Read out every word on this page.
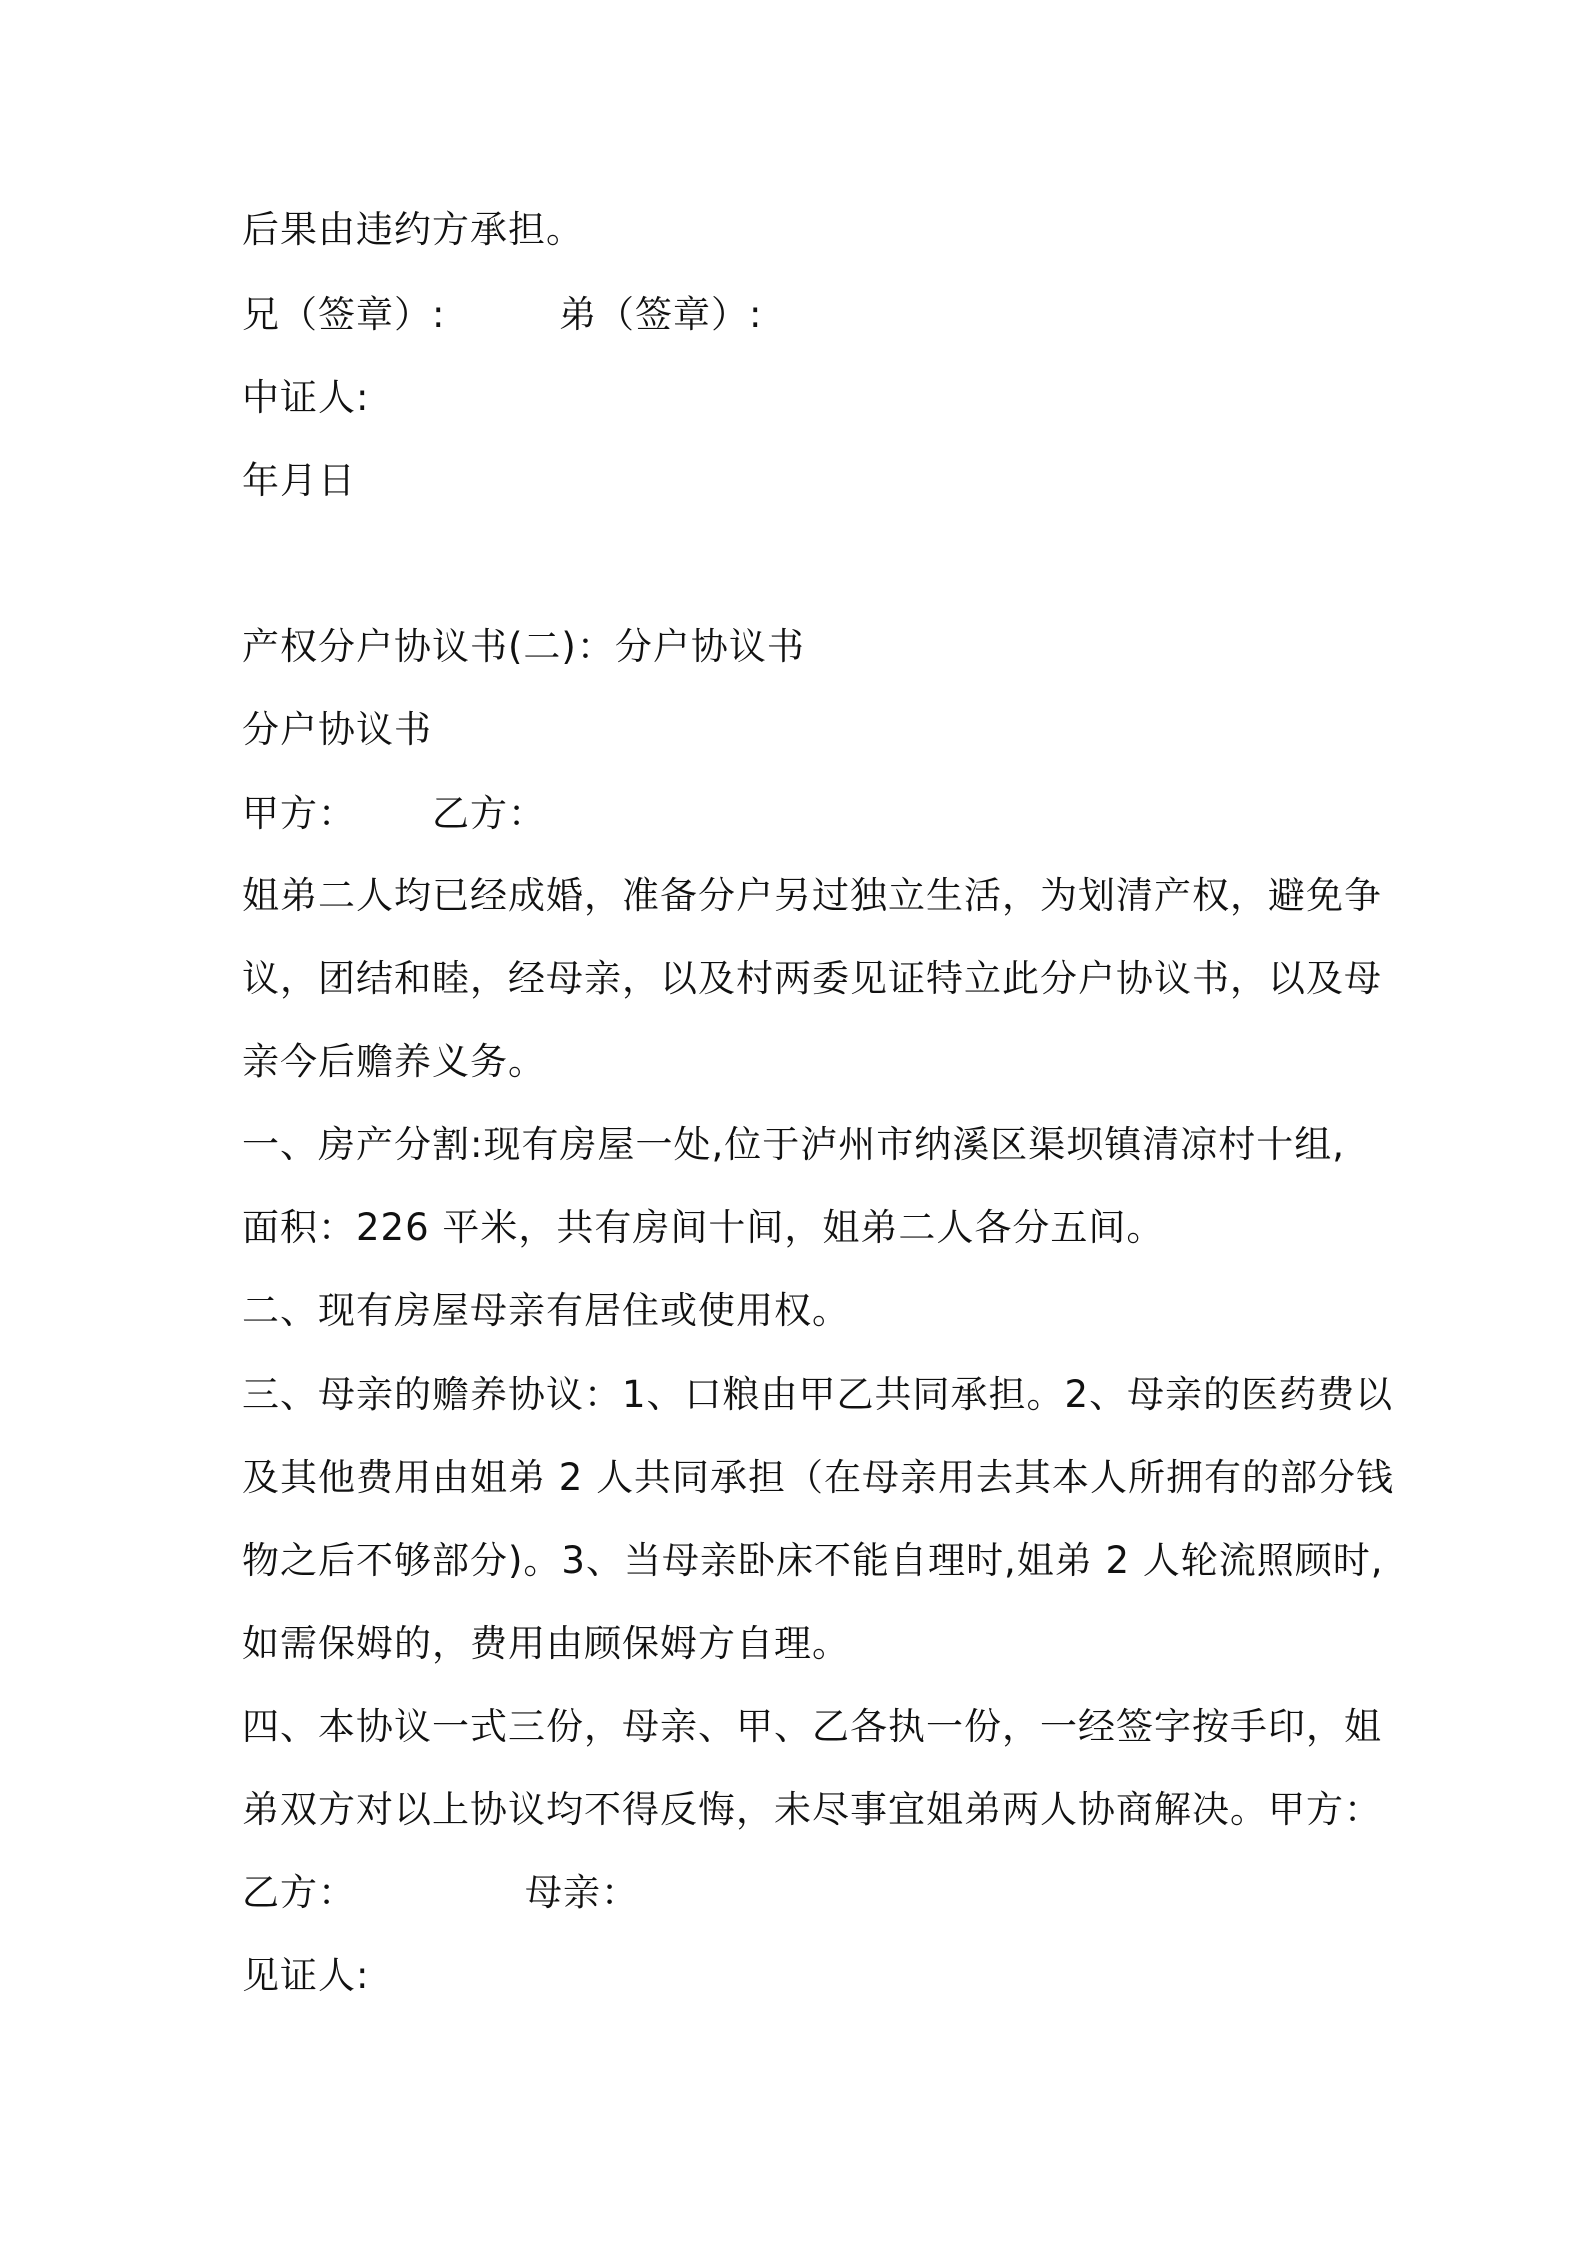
后果由违约方承担。
兄（签章）:	弟（签章）:
中证人:
年月日
产权分户协议书(二)：分户协议书
分户协议书
甲方： 乙方：
姐弟二人均已经成婚，准备分户另过独立生活，为划清产权，避免争
议，团结和睦，经母亲，以及村两委见证特立此分户协议书，以及母
亲今后赡养义务。
一、房产分割:现有房屋一处,位于泸州市纳溪区渠坝镇清凉村十组,
面积：226 平米，共有房间十间，姐弟二人各分五间。
二、现有房屋母亲有居住或使用权。
三、母亲的赡养协议：1、口粮由甲乙共同承担。2、母亲的医药费以
及其他费用由姐弟 2 人共同承担（在母亲用去其本人所拥有的部分钱
物之后不够部分)。3、当母亲卧床不能自理时,姐弟 2 人轮流照顾时,
如需保姆的，费用由顾保姆方自理。
四、本协议一式三份，母亲、甲、乙各执一份，一经签字按手印，姐
弟双方对以上协议均不得反悔，未尽事宜姐弟两人协商解决。甲方：
乙方：	母亲：
见证人:
